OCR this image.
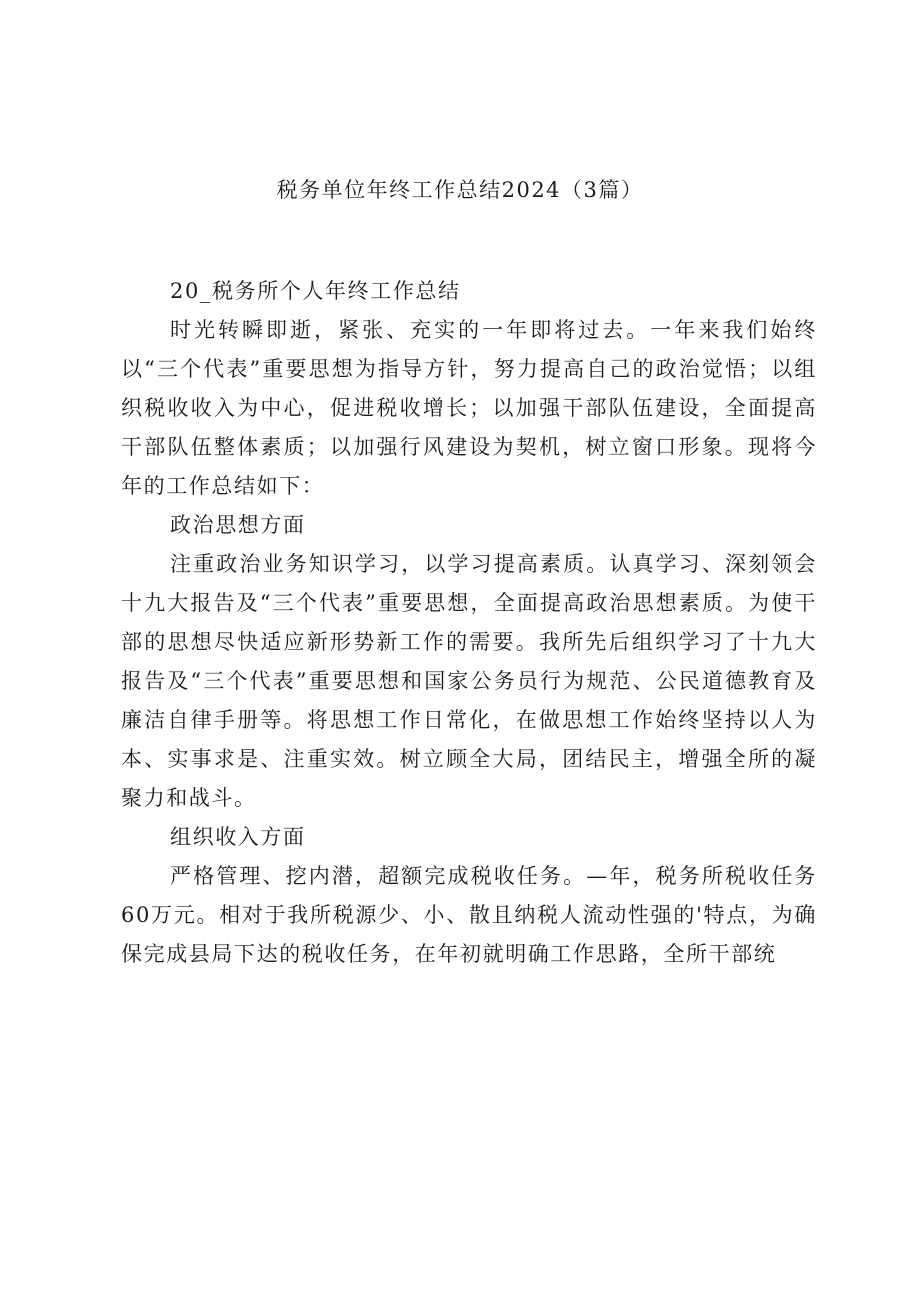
税务单位年终工作总结2024（3篇）

20_税务所个人年终工作总结

时光转瞬即逝，紧张、充实的一年即将过去。一年来我们始终以“三个代表”重要思想为指导方针，努力提高自己的政治觉悟；以组织税收收入为中心，促进税收增长；以加强干部队伍建设，全面提高干部队伍整体素质；以加强行风建设为契机，树立窗口形象。现将今年的工作总结如下：

政治思想方面

注重政治业务知识学习，以学习提高素质。认真学习、深刻领会十九大报告及“三个代表”重要思想，全面提高政治思想素质。为使干部的思想尽快适应新形势新工作的需要。我所先后组织学习了十九大报告及“三个代表”重要思想和国家公务员行为规范、公民道德教育及廉洁自律手册等。将思想工作日常化，在做思想工作始终坚持以人为本、实事求是、注重实效。树立顾全大局，团结民主，增强全所的凝聚力和战斗。

组织收入方面

严格管理、挖内潜，超额完成税收任务。—年，税务所税收任务60万元。相对于我所税源少、小、散且纳税人流动性强的'特点，为确保完成县局下达的税收任务，在年初就明确工作思路，全所干部统
